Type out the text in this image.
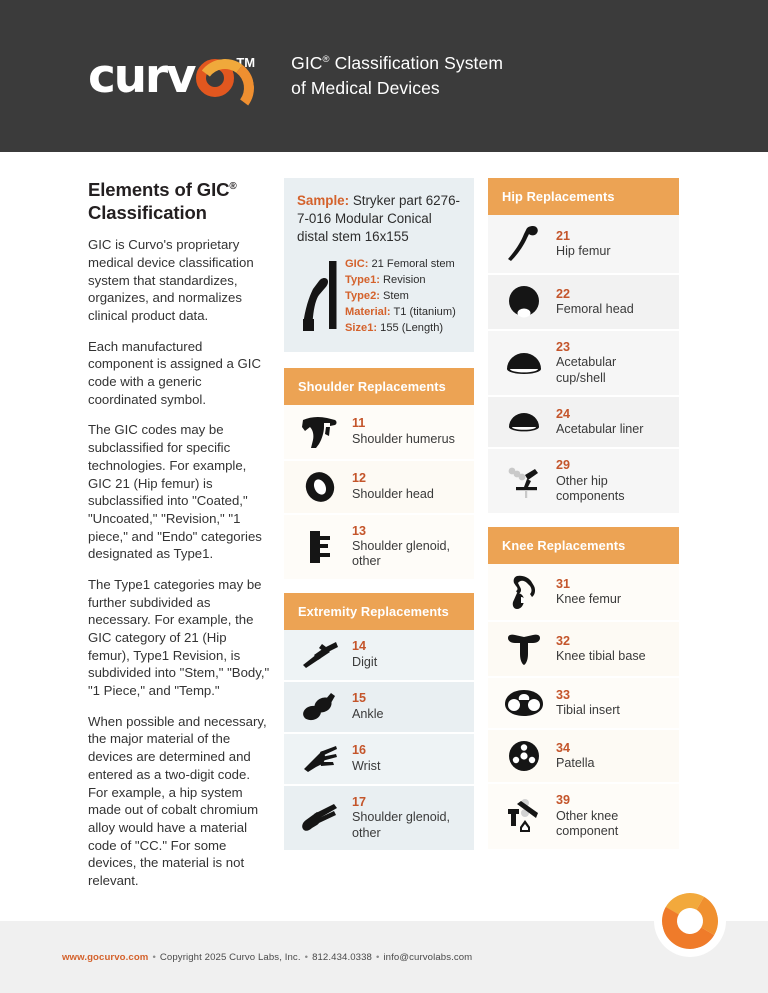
curv	TM GIC® Classification System
of Medical Devices
Elements of GIC®
Classification

GIC is Curvo's proprietary medical device classification system that standardizes, organizes, and normalizes clinical product data.

Each manufactured component is assigned a GIC code with a generic coordinated symbol.

The GIC codes may be subclassified for specific technologies. For example, GIC 21 (Hip femur) is subclassified into "Coated," "Uncoated," "Revision," "1 piece," and "Endo" categories designated as Type1.

The Type1 categories may be further subdivided as necessary. For example, the GIC category of 21 (Hip femur), Type1 Revision, is subdivided into "Stem," "Body," "1 Piece," and "Temp."

When possible and necessary, the major material of the devices are determined and entered as a two-digit code. For example, a hip system made out of cobalt chromium alloy would have a material code of "CC." For some devices, the material is not relevant.

Sample: Stryker part 6276-7-016 Modular Conical distal stem 16x155
GIC: 21 Femoral stem
Type1: Revision
Type2: Stem
Material: T1 (titanium)
Size1: 155 (Length)
Shoulder Replacements
11
Shoulder humerus
12
Shoulder head
13
Shoulder glenoid, other
Extremity Replacements
14
Digit
15
Ankle
16
Wrist
17
Shoulder glenoid, other
Hip Replacements
21
Hip femur
22
Femoral head
23
Acetabular cup/shell
24
Acetabular liner
29
Other hip components
Knee Replacements
31
Knee femur
32
Knee tibial base
33
Tibial insert
34
Patella
39
Other knee component
www.gocurvo.com • Copyright 2025 Curvo Labs, Inc. • 812.434.0338 • info@curvolabs.com
